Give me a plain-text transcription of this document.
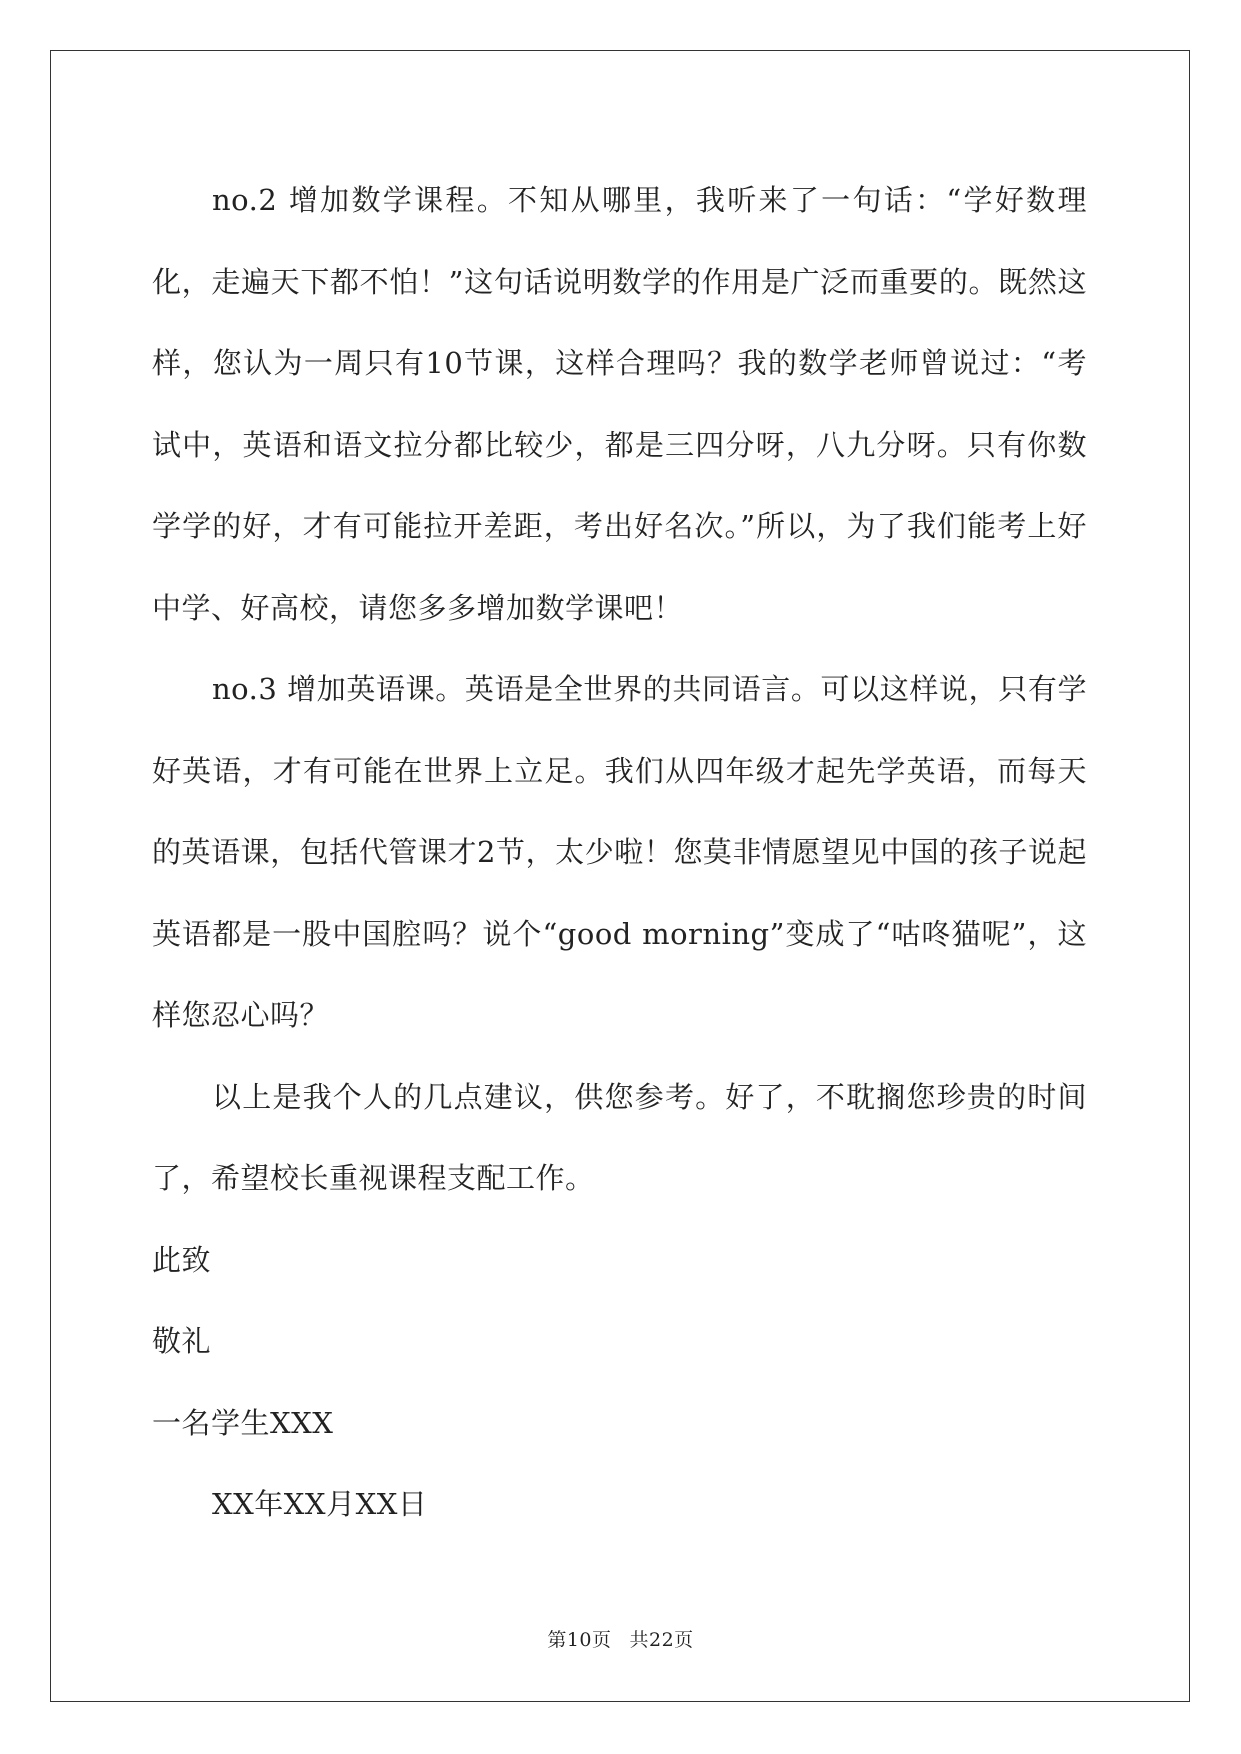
no.2 增加数学课程。不知从哪里，我听来了一句话：“学好数理化，走遍天下都不怕！”这句话说明数学的作用是广泛而重要的。既然这样，您认为一周只有10节课，这样合理吗？我的数学老师曾说过：“考试中，英语和语文拉分都比较少，都是三四分呀，八九分呀。只有你数学学的好，才有可能拉开差距，考出好名次。”所以，为了我们能考上好中学、好高校，请您多多增加数学课吧！

no.3 增加英语课。英语是全世界的共同语言。可以这样说，只有学好英语，才有可能在世界上立足。我们从四年级才起先学英语，而每天的英语课，包括代管课才2节，太少啦！您莫非情愿望见中国的孩子说起英语都是一股中国腔吗？说个“good morning”变成了“咕咚猫呢”，这样您忍心吗？

以上是我个人的几点建议，供您参考。好了，不耽搁您珍贵的时间了，希望校长重视课程支配工作。

此致

敬礼

一名学生XXX

XX年XX月XX日

第10页 共22页
